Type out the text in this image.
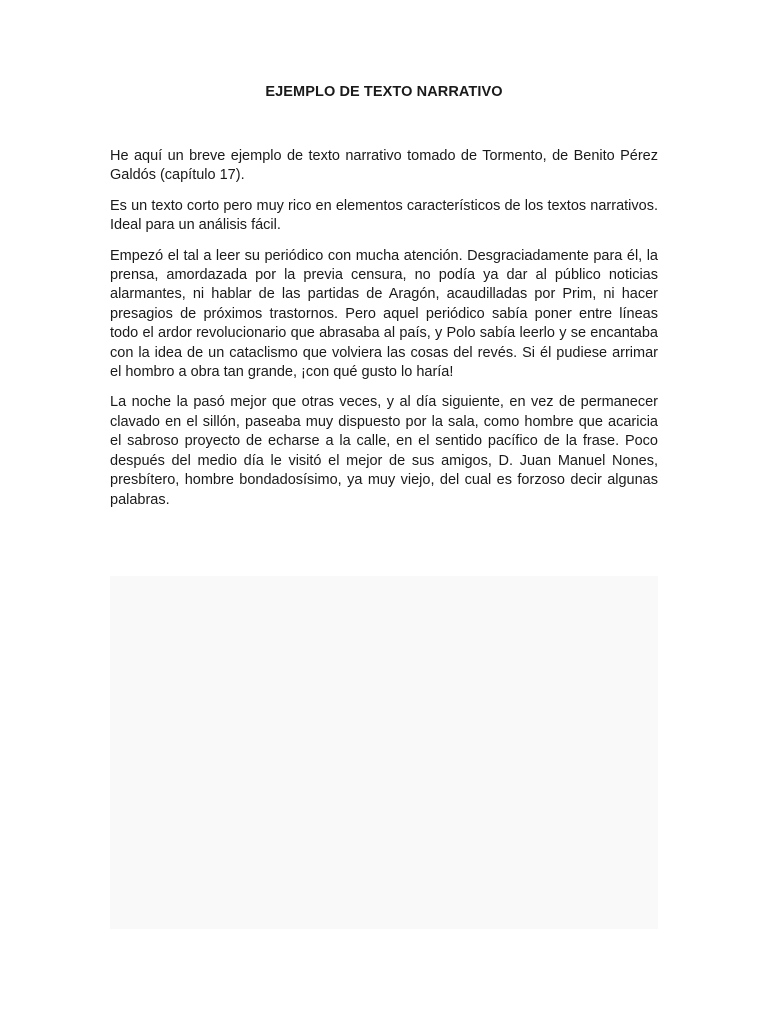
EJEMPLO DE TEXTO NARRATIVO

He aquí un breve ejemplo de texto narrativo tomado de Tormento, de Benito Pérez Galdós (capítulo 17).

Es un texto corto pero muy rico en elementos característicos de los textos narrativos. Ideal para un análisis fácil.

Empezó el tal a leer su periódico con mucha atención. Desgraciadamente para él, la prensa, amordazada por la previa censura, no podía ya dar al público noticias alarmantes, ni hablar de las partidas de Aragón, acaudilladas por Prim, ni hacer presagios de próximos trastornos. Pero aquel periódico sabía poner entre líneas todo el ardor revolucionario que abrasaba al país, y Polo sabía leerlo y se encantaba con la idea de un cataclismo que volviera las cosas del revés. Si él pudiese arrimar el hombro a obra tan grande, ¡con qué gusto lo haría!

La noche la pasó mejor que otras veces, y al día siguiente, en vez de permanecer clavado en el sillón, paseaba muy dispuesto por la sala, como hombre que acaricia el sabroso proyecto de echarse a la calle, en el sentido pacífico de la frase. Poco después del medio día le visitó el mejor de sus amigos, D. Juan Manuel Nones, presbítero, hombre bondadosísimo, ya muy viejo, del cual es forzoso decir algunas palabras.
